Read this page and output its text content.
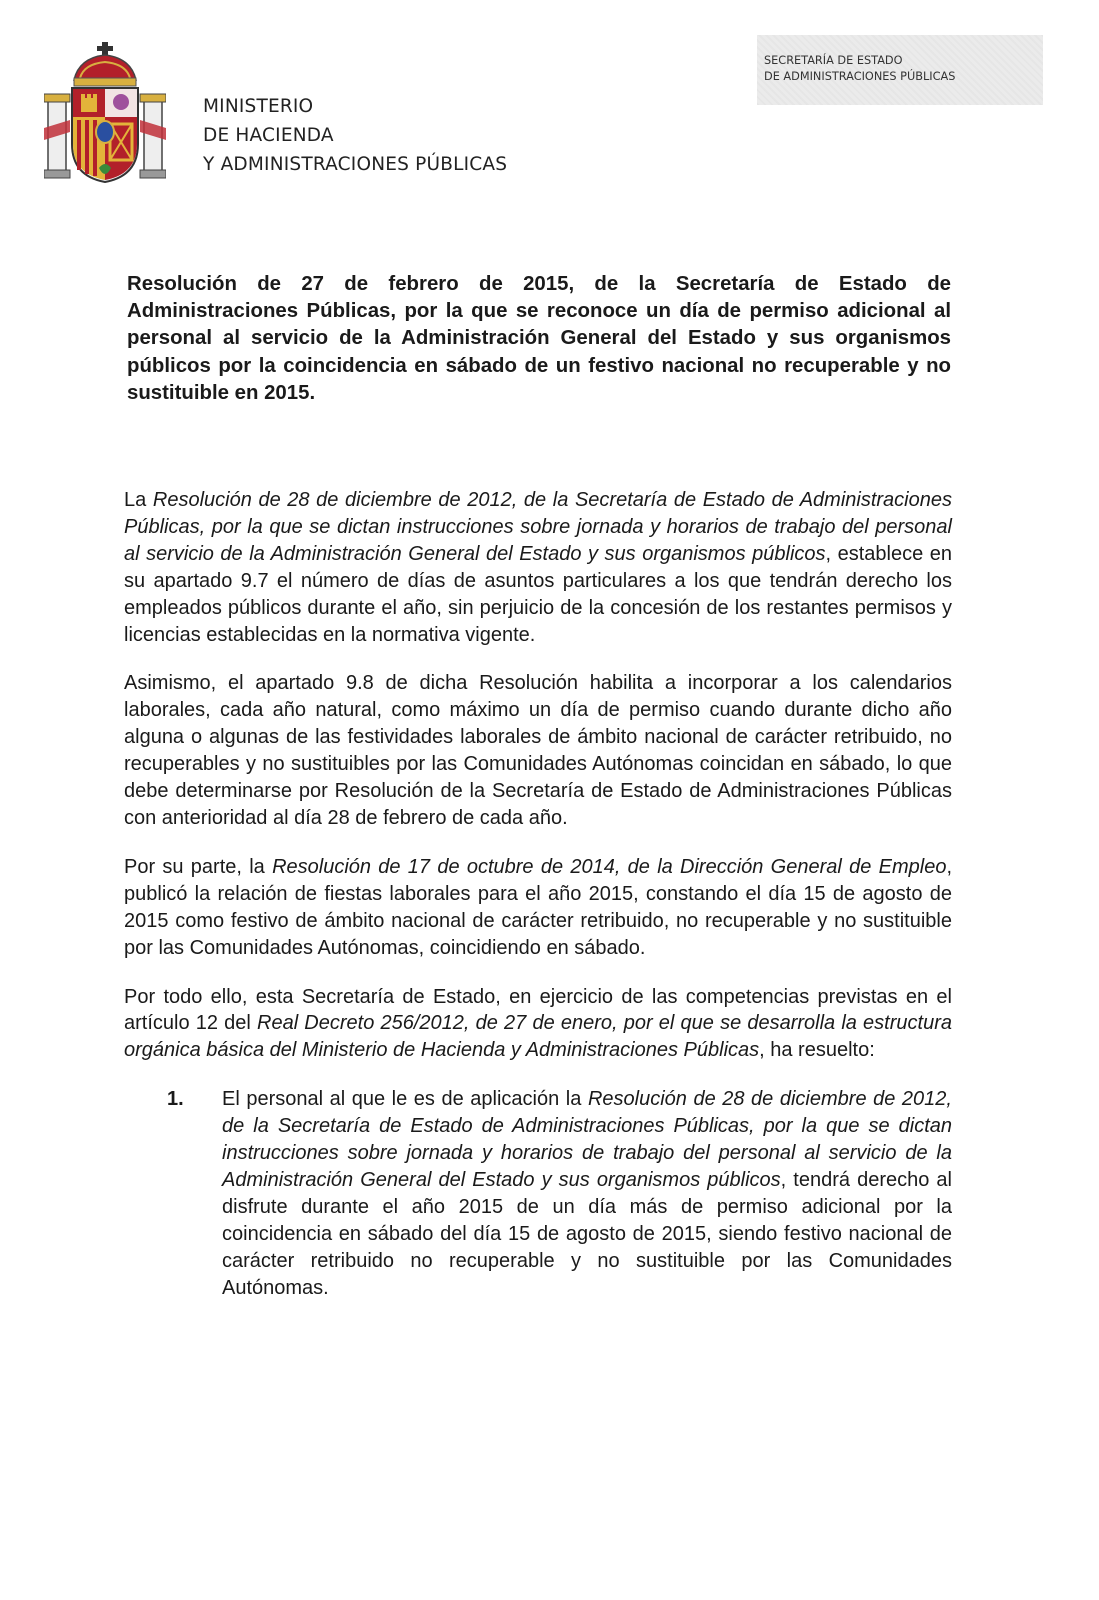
MINISTERIO
DE HACIENDA
Y ADMINISTRACIONES PÚBLICAS
SECRETARÍA DE ESTADO
DE ADMINISTRACIONES PÚBLICAS
Resolución de 27 de febrero de 2015, de la Secretaría de Estado de Administraciones Públicas, por la que se reconoce un día de permiso adicional al personal al servicio de la Administración General del Estado y sus organismos públicos por la coincidencia en sábado de un festivo nacional no recuperable y no sustituible en 2015.

La Resolución de 28 de diciembre de 2012, de la Secretaría de Estado de Administraciones Públicas, por la que se dictan instrucciones sobre jornada y horarios de trabajo del personal al servicio de la Administración General del Estado y sus organismos públicos, establece en su apartado 9.7 el número de días de asuntos particulares a los que tendrán derecho los empleados públicos durante el año, sin perjuicio de la concesión de los restantes permisos y licencias establecidas en la normativa vigente.

Asimismo, el apartado 9.8 de dicha Resolución habilita a incorporar a los calendarios laborales, cada año natural, como máximo un día de permiso cuando durante dicho año alguna o algunas de las festividades laborales de ámbito nacional de carácter retribuido, no recuperables y no sustituibles por las Comunidades Autónomas coincidan en sábado, lo que debe determinarse por Resolución de la Secretaría de Estado de Administraciones Públicas con anterioridad al día 28 de febrero de cada año.

Por su parte, la Resolución de 17 de octubre de 2014, de la Dirección General de Empleo, publicó la relación de fiestas laborales para el año 2015, constando el día 15 de agosto de 2015 como festivo de ámbito nacional de carácter retribuido, no recuperable y no sustituible por las Comunidades Autónomas, coincidiendo en sábado.

Por todo ello, esta Secretaría de Estado, en ejercicio de las competencias previstas en el artículo 12 del Real Decreto 256/2012, de 27 de enero, por el que se desarrolla la estructura orgánica básica del Ministerio de Hacienda y Administraciones Públicas, ha resuelto:

1. El personal al que le es de aplicación la Resolución de 28 de diciembre de 2012, de la Secretaría de Estado de Administraciones Públicas, por la que se dictan instrucciones sobre jornada y horarios de trabajo del personal al servicio de la Administración General del Estado y sus organismos públicos, tendrá derecho al disfrute durante el año 2015 de un día más de permiso adicional por la coincidencia en sábado del día 15 de agosto de 2015, siendo festivo nacional de carácter retribuido no recuperable y no sustituible por las Comunidades Autónomas.
